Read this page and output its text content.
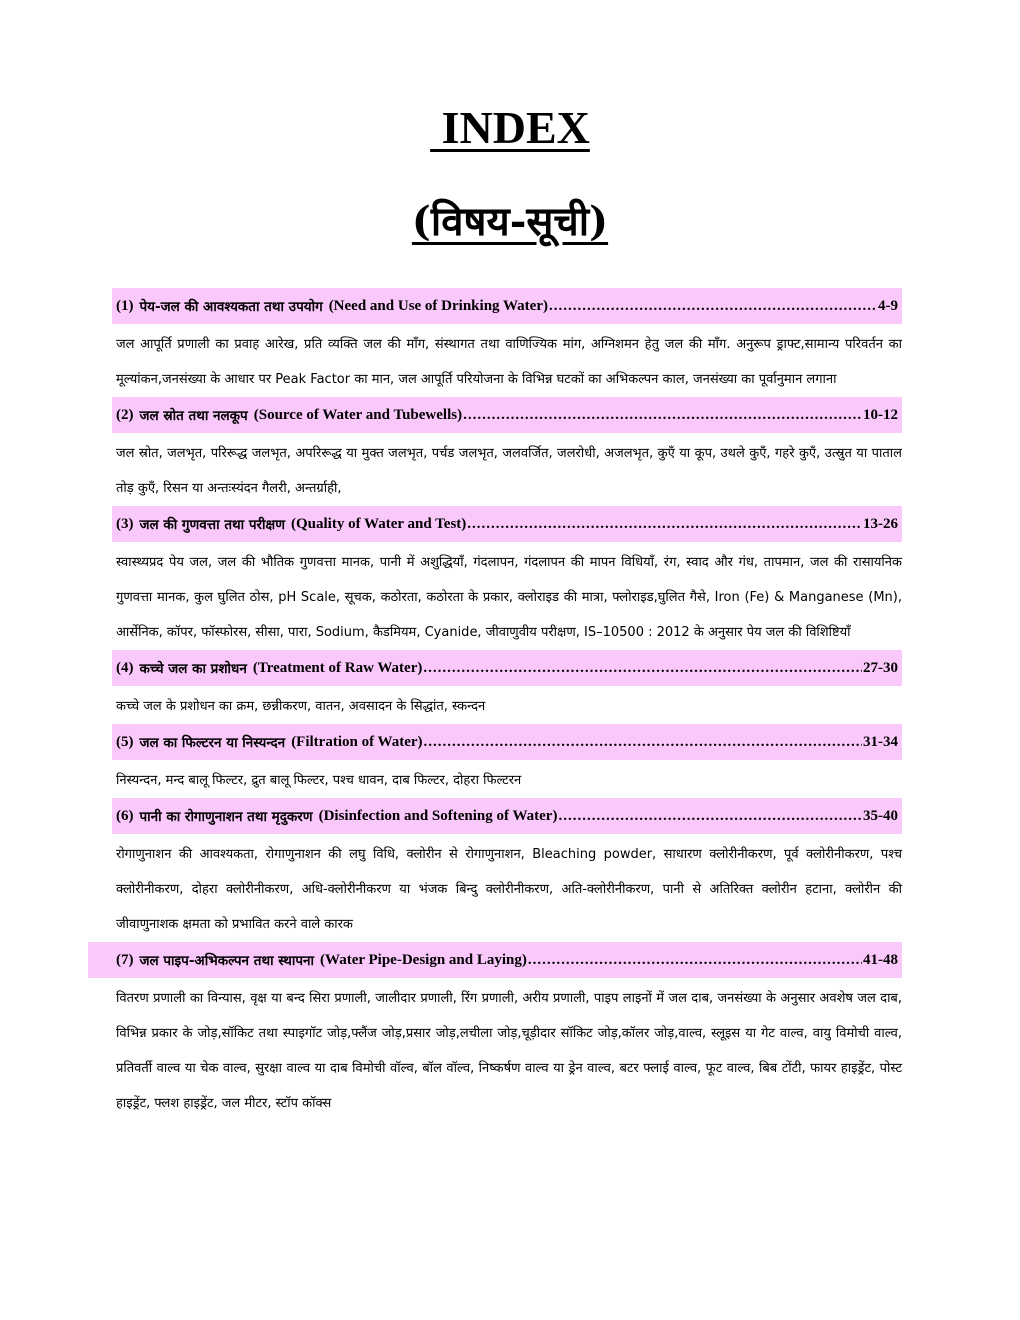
INDEX
(विषय-सूची)
(1) पेय-जल की आवश्यकता तथा उपयोग (Need and Use of Drinking Water) .....	4-9
जल आपूर्ति प्रणाली का प्रवाह आरेख, प्रति व्यक्ति जल की माँग, संस्थागत तथा वाणिज्यिक मांग, अग्निशमन हेतु जल की माँग. अनुरूप ड्राफ्ट,सामान्य परिवर्तन का मूल्यांकन,जनसंख्या के आधार पर Peak Factor का मान, जल आपूर्ति परियोजना के विभिन्न घटकों का अभिकल्पन काल, जनसंख्या का पूर्वानुमान लगाना
(2) जल स्रोत तथा नलकूप (Source of Water and Tubewells) .....	10-12
जल स्रोत, जलभृत, परिरूद्ध जलभृत, अपरिरूद्ध या मुक्त जलभृत, पर्चड जलभृत, जलवर्जित, जलरोधी, अजलभृत, कुएँ या कूप, उथले कुएँ, गहरे कुएँ, उत्स्रुत या पाताल तोड़ कुएँ, रिसन या अन्तःस्यंदन गैलरी, अन्तर्ग्राही,
(3) जल की गुणवत्ता तथा परीक्षण (Quality of Water and Test) .....	13-26
स्वास्थ्यप्रद पेय जल, जल की भौतिक गुणवत्ता मानक, पानी में अशुद्धियाँ, गंदलापन, गंदलापन की मापन विधियाँ, रंग, स्वाद और गंध, तापमान, जल की रासायनिक गुणवत्ता मानक, कुल घुलित ठोस, pH Scale, सूचक, कठोरता, कठोरता के प्रकार, क्लोराइड की मात्रा, फ्लोराइड,घुलित गैसे, Iron (Fe) & Manganese (Mn), आर्सेनिक, कॉपर, फॉस्फोरस, सीसा, पारा, Sodium, कैडमियम, Cyanide, जीवाणुवीय परीक्षण, IS–10500 : 2012 के अनुसार पेय जल की विशिष्टियाँ
(4) कच्चे जल का प्रशोधन (Treatment of Raw Water) .....	27-30
कच्चे जल के प्रशोधन का क्रम, छन्नीकरण, वातन, अवसादन के सिद्धांत, स्कन्दन
(5) जल का फिल्टरन या निस्यन्दन (Filtration of Water) .....	31-34
निस्यन्दन, मन्द बालू फिल्टर, द्रुत बालू फिल्टर, पश्च धावन, दाब फिल्टर, दोहरा फिल्टरन
(6) पानी का रोगाणुनाशन तथा मृदुकरण (Disinfection and Softening of Water) .....	35-40
रोगाणुनाशन की आवश्यकता, रोगाणुनाशन की लघु विधि, क्लोरीन से रोगाणुनाशन, Bleaching powder, साधारण क्लोरीनीकरण, पूर्व क्लोरीनीकरण, पश्च क्लोरीनीकरण, दोहरा क्लोरीनीकरण, अधि-क्लोरीनीकरण या भंजक बिन्दु क्लोरीनीकरण, अति-क्लोरीनीकरण, पानी से अतिरिक्त क्लोरीन हटाना, क्लोरीन की जीवाणुनाशक क्षमता को प्रभावित करने वाले कारक
(7) जल पाइप-अभिकल्पन तथा स्थापना (Water Pipe-Design and Laying) .....	41-48
वितरण प्रणाली का विन्यास, वृक्ष या बन्द सिरा प्रणाली, जालीदार प्रणाली, रिंग प्रणाली, अरीय प्रणाली, पाइप लाइनों में जल दाब, जनसंख्या के अनुसार अवशेष जल दाब, विभिन्न प्रकार के जोड़,सॉकिट तथा स्पाइगॉट जोड़,फ्लैंज जोड़,प्रसार जोड़,लचीला जोड़,चूड़ीदार सॉकिट जोड़,कॉलर जोड़,वाल्व, स्लूइस या गेट वाल्व, वायु विमोची वाल्व, प्रतिवर्ती वाल्व या चेक वाल्व, सुरक्षा वाल्व या दाब विमोची वॉल्व, बॉल वॉल्व, निष्कर्षण वाल्व या ड्रेन वाल्व, बटर फ्लाई वाल्व, फूट वाल्व, बिब टोंटी, फायर हाइड्रेंट, पोस्ट हाइड्रेंट, फ्लश हाइड्रेंट, जल मीटर, स्टॉप कॉक्स
